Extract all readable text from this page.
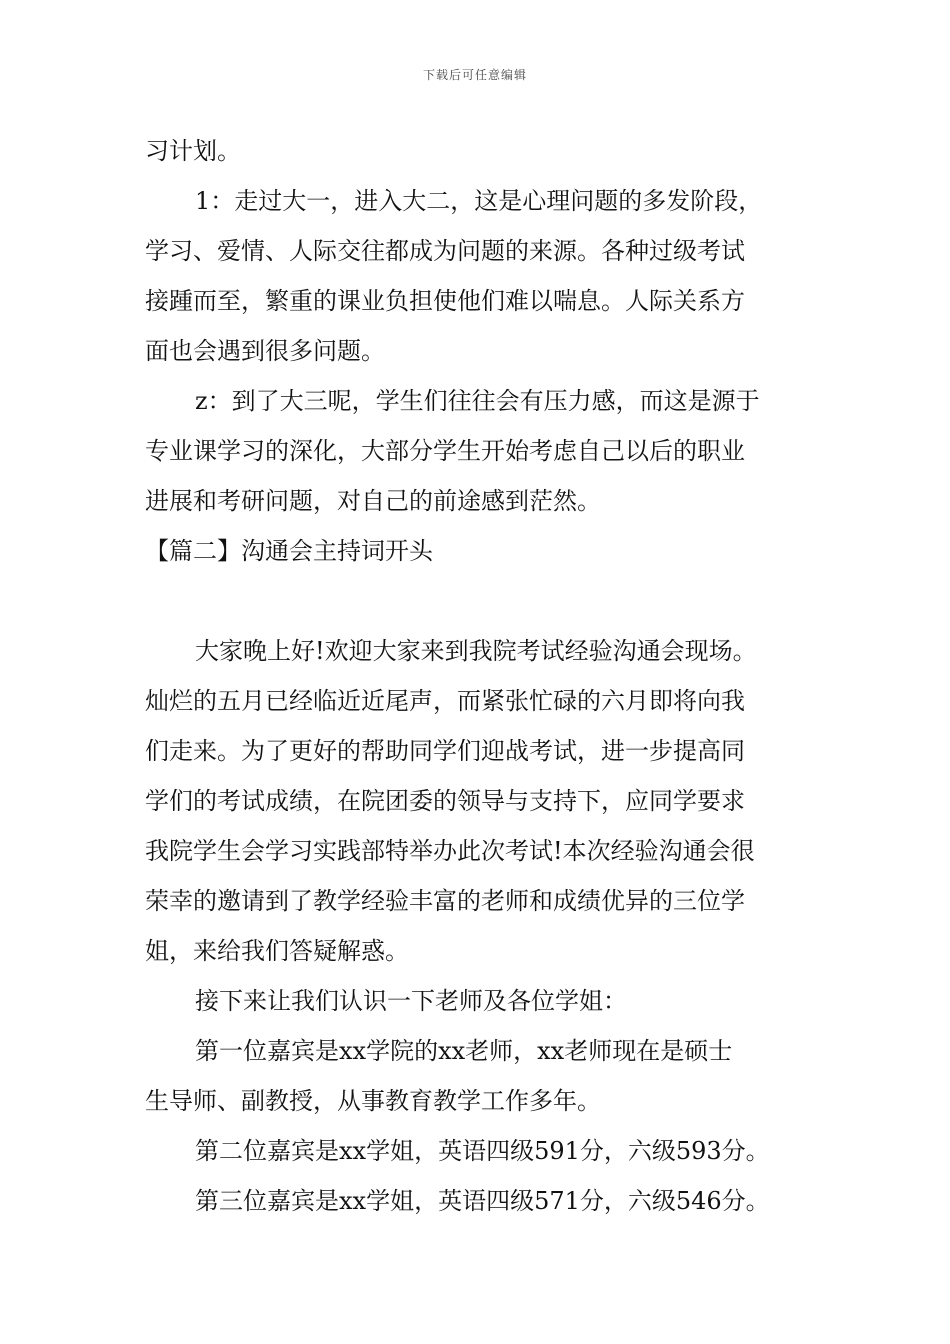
下载后可任意编辑
习计划。
1：走过大一，进入大二，这是心理问题的多发阶段，
学习、爱情、人际交往都成为问题的来源。各种过级考试
接踵而至，繁重的课业负担使他们难以喘息。人际关系方
面也会遇到很多问题。
z：到了大三呢，学生们往往会有压力感，而这是源于
专业课学习的深化，大部分学生开始考虑自己以后的职业
进展和考研问题，对自己的前途感到茫然。
【篇二】沟通会主持词开头
大家晚上好!欢迎大家来到我院考试经验沟通会现场。
灿烂的五月已经临近近尾声，而紧张忙碌的六月即将向我
们走来。为了更好的帮助同学们迎战考试，进一步提高同
学们的考试成绩，在院团委的领导与支持下，应同学要求
我院学生会学习实践部特举办此次考试!本次经验沟通会很
荣幸的邀请到了教学经验丰富的老师和成绩优异的三位学
姐，来给我们答疑解惑。
接下来让我们认识一下老师及各位学姐：
第一位嘉宾是xx学院的xx老师，xx老师现在是硕士
生导师、副教授，从事教育教学工作多年。
第二位嘉宾是xx学姐，英语四级591分，六级593分。
第三位嘉宾是xx学姐，英语四级571分，六级546分。
